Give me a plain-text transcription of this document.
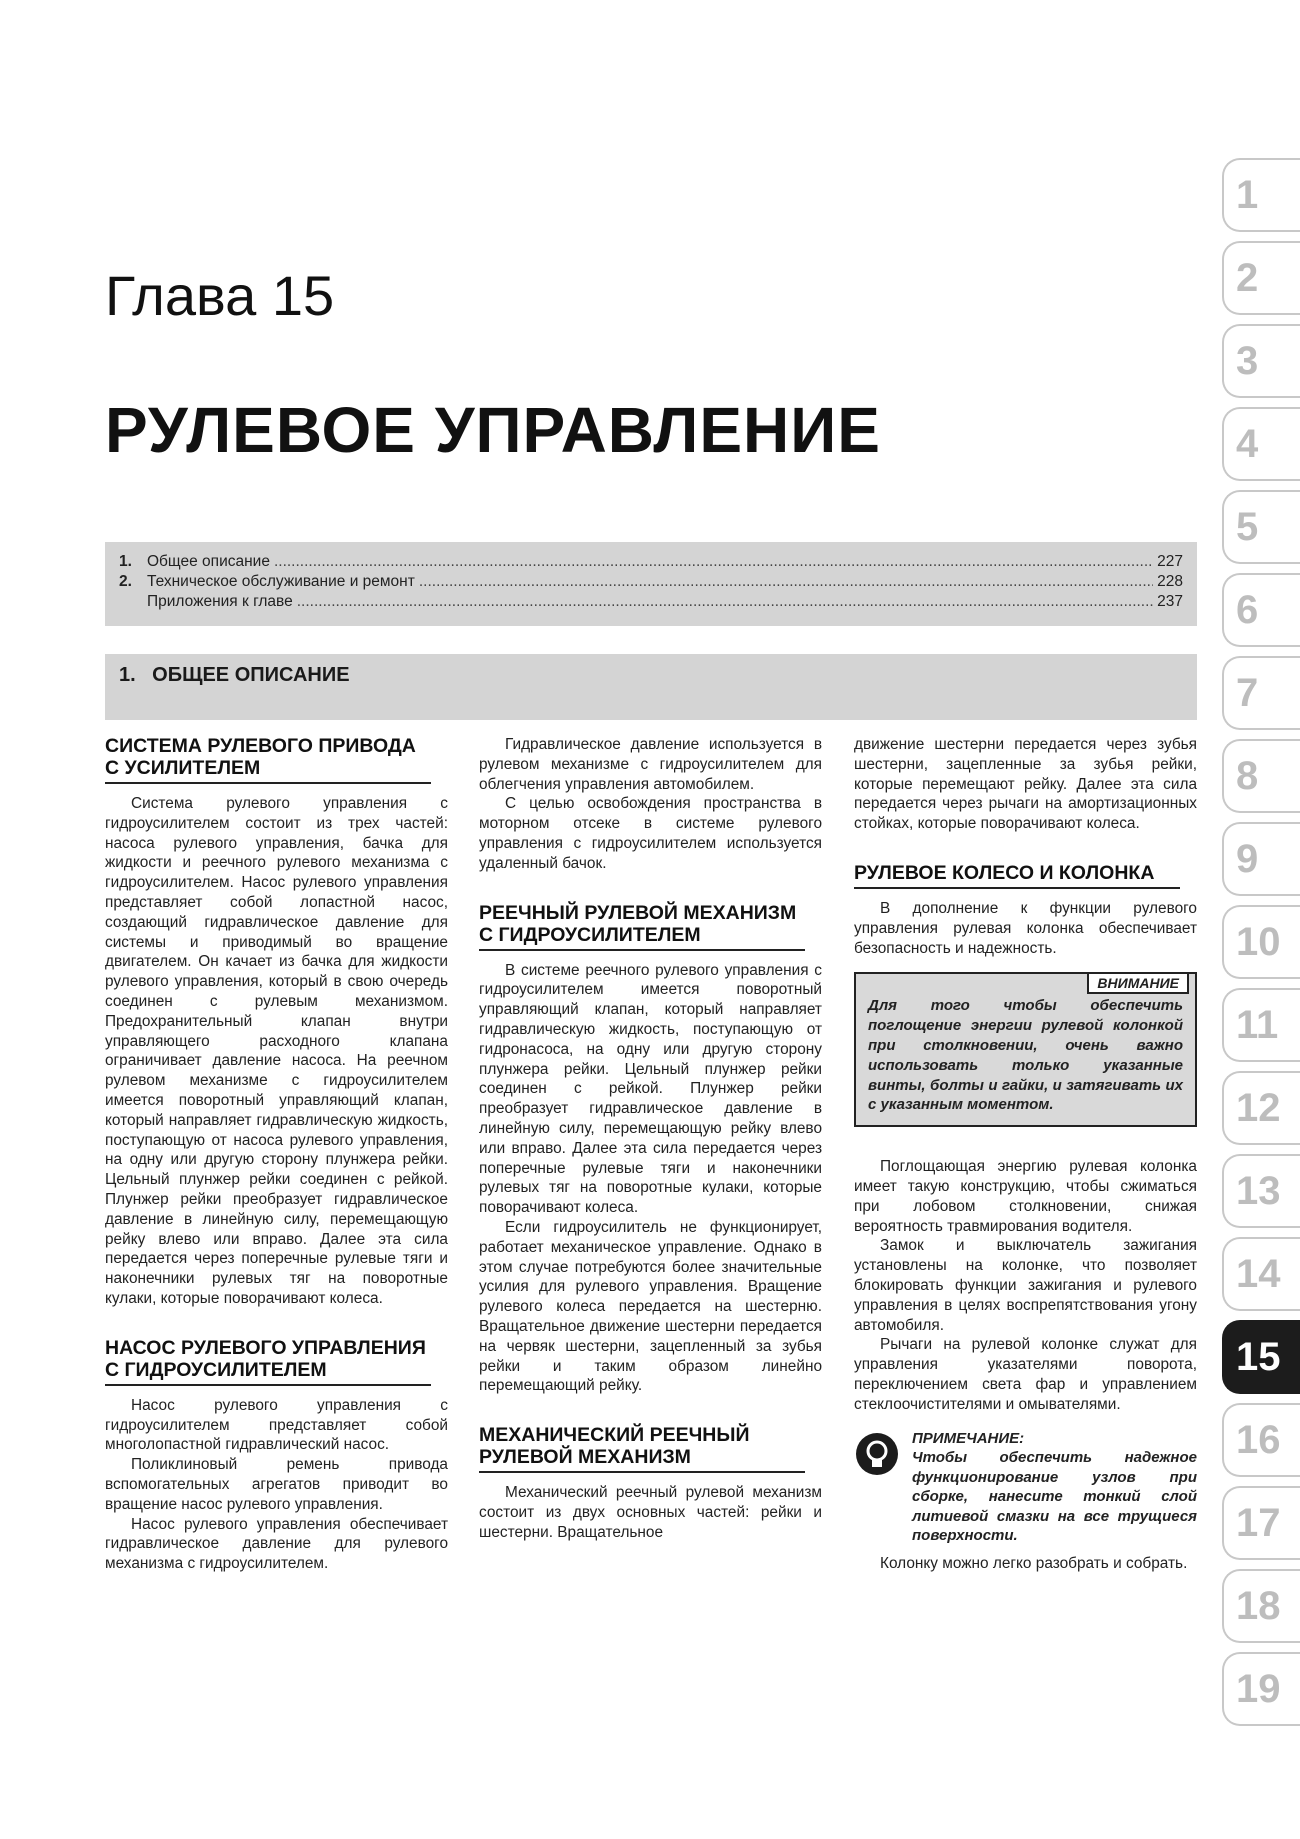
Глава 15
РУЛЕВОЕ УПРАВЛЕНИЕ
1. Общее описание .....	227
2. Техническое обслуживание и ремонт .....	228
Приложения к главе .....	237
1. ОБЩЕЕ ОПИСАНИЕ
СИСТЕМА РУЛЕВОГО ПРИВОДА С УСИЛИТЕЛЕМ

Система рулевого управления с гидроусилителем состоит из трех частей: насоса рулевого управления, бачка для жидкости и реечного рулевого механизма с гидроусилителем. Насос рулевого управления представляет собой лопастной насос, создающий гидравлическое давление для системы и приводимый во вращение двигателем. Он качает из бачка для жидкости рулевого управления, который в свою очередь соединен с рулевым механизмом. Предохранительный клапан внутри управляющего расходного клапана ограничивает давление насоса. На реечном рулевом механизме с гидроусилителем имеется поворотный управляющий клапан, который направляет гидравлическую жидкость, поступающую от насоса рулевого управления, на одну или другую сторону плунжера рейки. Цельный плунжер рейки соединен с рейкой. Плунжер рейки преобразует гидравлическое давление в линейную силу, перемещающую рейку влево или вправо. Далее эта сила передается через поперечные рулевые тяги и наконечники рулевых тяг на поворотные кулаки, которые поворачивают колеса.

НАСОС РУЛЕВОГО УПРАВЛЕНИЯ С ГИДРОУСИЛИТЕЛЕМ

Насос рулевого управления с гидроусилителем представляет собой многолопастной гидравлический насос.

Поликлиновый ремень привода вспомогательных агрегатов приводит во вращение насос рулевого управления.

Насос рулевого управления обеспечивает гидравлическое давление для рулевого механизма с гидроусилителем.

Гидравлическое давление используется в рулевом механизме с гидроусилителем для облегчения управления автомобилем.

С целью освобождения пространства в моторном отсеке в системе рулевого управления с гидроусилителем используется удаленный бачок.

РЕЕЧНЫЙ РУЛЕВОЙ МЕХАНИЗМ С ГИДРОУСИЛИТЕЛЕМ

В системе реечного рулевого управления с гидроусилителем имеется поворотный управляющий клапан, который направляет гидравлическую жидкость, поступающую от гидронасоса, на одну или другую сторону плунжера рейки. Цельный плунжер рейки соединен с рейкой. Плунжер рейки преобразует гидравлическое давление в линейную силу, перемещающую рейку влево или вправо. Далее эта сила передается через поперечные рулевые тяги и наконечники рулевых тяг на поворотные кулаки, которые поворачивают колеса.

Если гидроусилитель не функционирует, работает механическое управление. Однако в этом случае потребуются более значительные усилия для рулевого управления. Вращение рулевого колеса передается на шестерню. Вращательное движение шестерни передается на червяк шестерни, зацепленный за зубья рейки и таким образом линейно перемещающий рейку.

МЕХАНИЧЕСКИЙ РЕЕЧНЫЙ РУЛЕВОЙ МЕХАНИЗМ

Механический реечный рулевой механизм состоит из двух основных частей: рейки и шестерни. Вращательное

движение шестерни передается через зубья шестерни, зацепленные за зубья рейки, которые перемещают рейку. Далее эта сила передается через рычаги на амортизационных стойках, которые поворачивают колеса.

РУЛЕВОЕ КОЛЕСО И КОЛОНКА

В дополнение к функции рулевого управления рулевая колонка обеспечивает безопасность и надежность.

ВНИМАНИЕ
Для того чтобы обеспечить поглощение энергии рулевой колонкой при столкновении, очень важно использовать только указанные винты, болты и гайки, и затягивать их с указанным моментом.

Поглощающая энергию рулевая колонка имеет такую конструкцию, чтобы сжиматься при лобовом столкновении, снижая вероятность травмирования водителя.

Замок и выключатель зажигания установлены на колонке, что позволяет блокировать функции зажигания и рулевого управления в целях воспрепятствования угону автомобиля.

Рычаги на рулевой колонке служат для управления указателями поворота, переключением света фар и управлением стеклоочистителями и омывателями.

ПРИМЕЧАНИЕ:
Чтобы обеспечить надежное функционирование узлов при сборке, нанесите тонкий слой литиевой смазки на все трущиеся поверхности.

Колонку можно легко разобрать и собрать.

1
2
3
4
5
6
7
8
9
10
11
12
13
14
15
16
17
18
19
